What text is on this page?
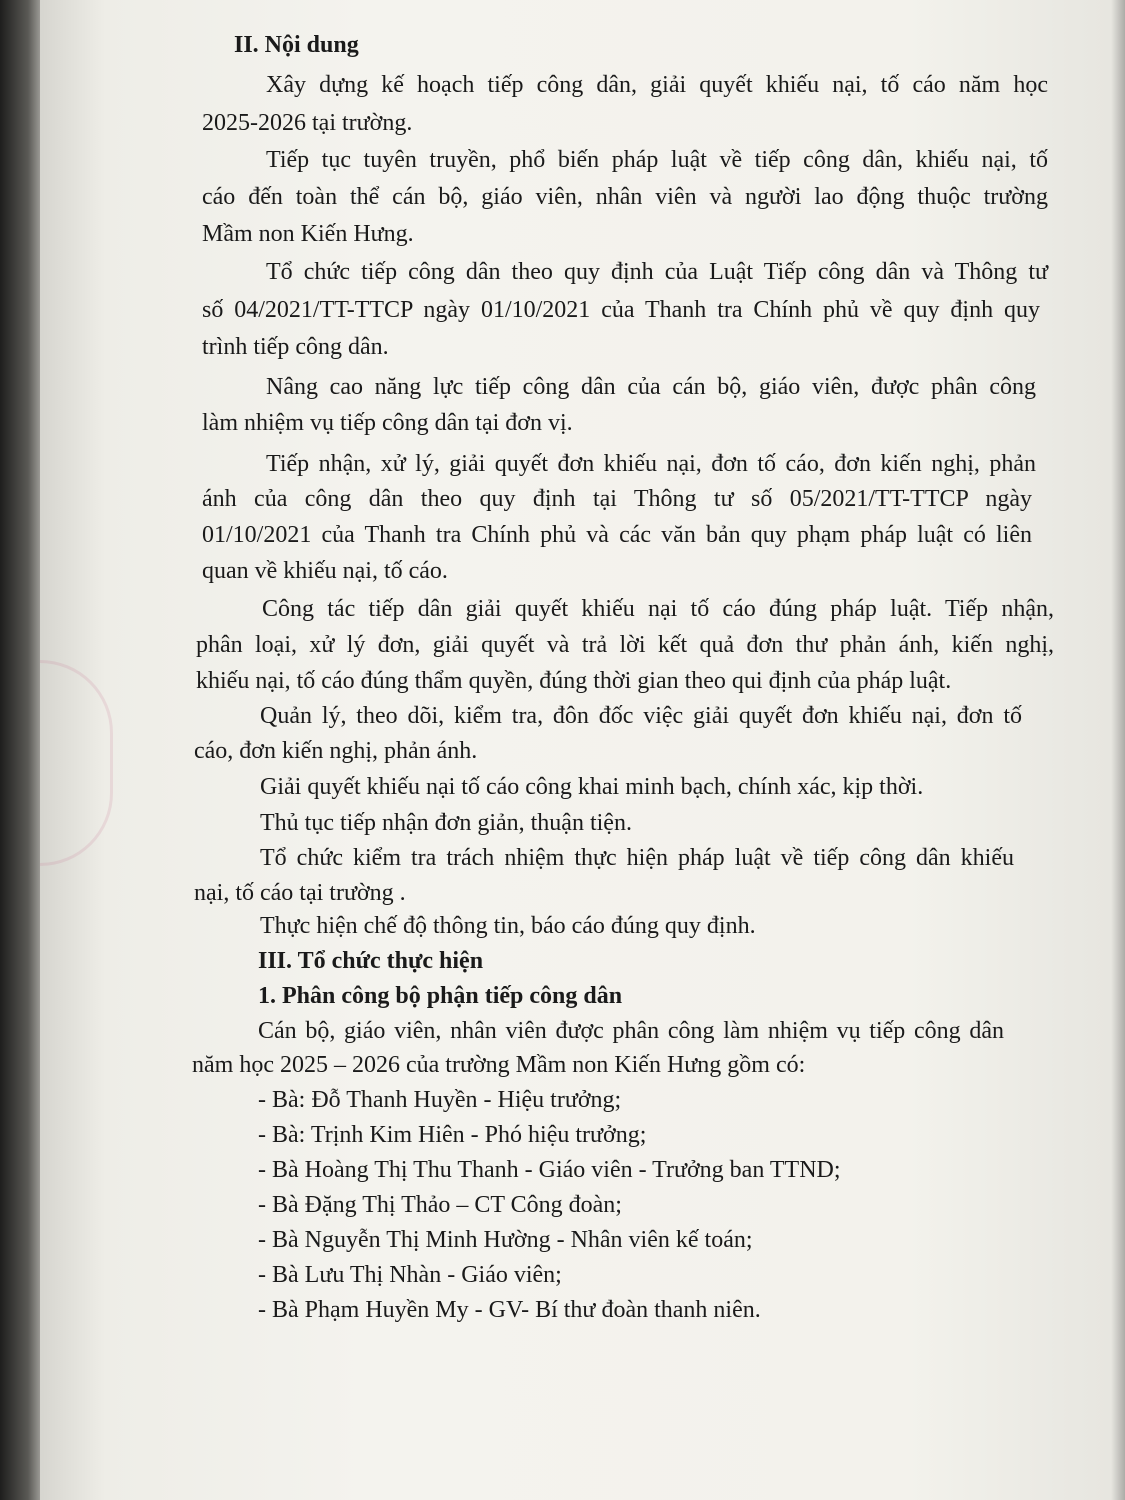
II. Nội dung

Xây dựng kế hoạch tiếp công dân, giải quyết khiếu nại, tố cáo năm học

2025-2026 tại trường.

Tiếp tục tuyên truyền, phổ biến pháp luật về tiếp công dân, khiếu nại, tố

cáo đến toàn thể cán bộ, giáo viên, nhân viên và người lao động thuộc trường

Mầm non Kiến Hưng.

Tổ chức tiếp công dân theo quy định của Luật Tiếp công dân và Thông tư

số 04/2021/TT-TTCP ngày 01/10/2021 của Thanh tra Chính phủ về quy định quy

trình tiếp công dân.

Nâng cao năng lực tiếp công dân của cán bộ, giáo viên, được phân công

làm nhiệm vụ tiếp công dân tại đơn vị.

Tiếp nhận, xử lý, giải quyết đơn khiếu nại, đơn tố cáo, đơn kiến nghị, phản

ánh của công dân theo quy định tại Thông tư số 05/2021/TT-TTCP ngày

01/10/2021 của Thanh tra Chính phủ và các văn bản quy phạm pháp luật có liên

quan về khiếu nại, tố cáo.

Công tác tiếp dân giải quyết khiếu nại tố cáo đúng pháp luật. Tiếp nhận,

phân loại, xử lý đơn, giải quyết và trả lời kết quả đơn thư phản ánh, kiến nghị,

khiếu nại, tố cáo đúng thẩm quyền, đúng thời gian theo qui định của pháp luật.

Quản lý, theo dõi, kiểm tra, đôn đốc việc giải quyết đơn khiếu nại, đơn tố

cáo, đơn kiến nghị, phản ánh.

Giải quyết khiếu nại tố cáo công khai minh bạch, chính xác, kịp thời.

Thủ tục tiếp nhận đơn giản, thuận tiện.

Tổ chức kiểm tra trách nhiệm thực hiện pháp luật về tiếp công dân khiếu

nại, tố cáo tại trường .

Thực hiện chế độ thông tin, báo cáo đúng quy định.

III. Tổ chức thực hiện

1. Phân công bộ phận tiếp công dân

Cán bộ, giáo viên, nhân viên được phân công làm nhiệm vụ tiếp công dân

năm học 2025 – 2026 của trường Mầm non Kiến Hưng gồm có:

- Bà: Đỗ Thanh Huyền - Hiệu trưởng;

- Bà: Trịnh Kim Hiên - Phó hiệu trưởng;

- Bà Hoàng Thị Thu Thanh - Giáo viên - Trưởng ban TTND;

- Bà Đặng Thị Thảo – CT Công đoàn;

- Bà Nguyễn Thị Minh Hường - Nhân viên kế toán;

- Bà Lưu Thị Nhàn - Giáo viên;

- Bà Phạm Huyền My - GV- Bí thư đoàn thanh niên.
